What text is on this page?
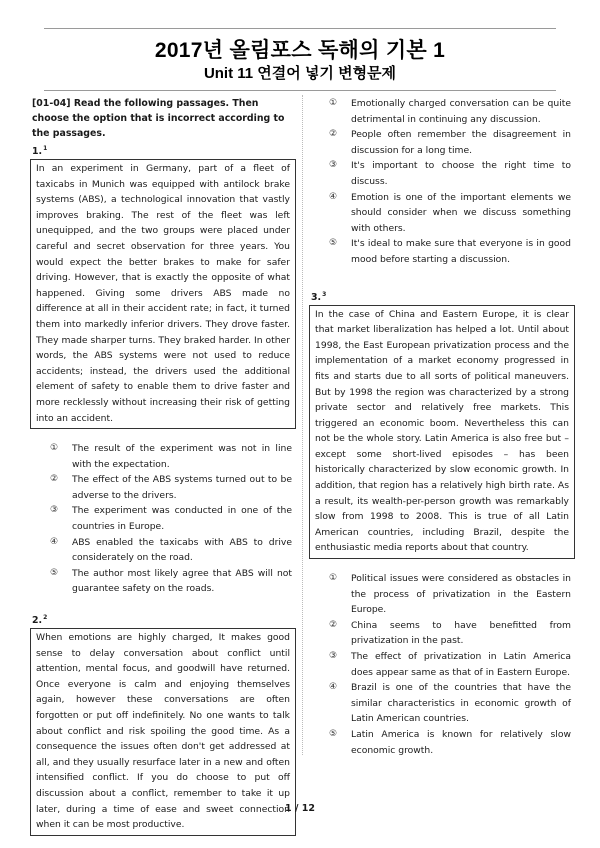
2017년 올림포스 독해의 기본 1
Unit 11 연결어 넣기 변형문제
[01-04] Read the following passages. Then choose the option that is incorrect according to the passages.
1.$^1$
In an experiment in Germany, part of a fleet of taxicabs in Munich was equipped with antilock brake systems (ABS), a technological innovation that vastly improves braking. The rest of the fleet was left unequipped, and the two groups were placed under careful and secret observation for three years. You would expect the better brakes to make for safer driving. However, that is exactly the opposite of what happened. Giving some drivers ABS made no difference at all in their accident rate; in fact, it turned them into markedly inferior drivers. They drove faster. They made sharper turns. They braked harder. In other words, the ABS systems were not used to reduce accidents; instead, the drivers used the additional element of safety to enable them to drive faster and more recklessly without increasing their risk of getting into an accident.
① The result of the experiment was not in line with the expectation.
② The effect of the ABS systems turned out to be adverse to the drivers.
③ The experiment was conducted in one of the countries in Europe.
④ ABS enabled the taxicabs with ABS to drive considerately on the road.
⑤ The author most likely agree that ABS will not guarantee safety on the roads.
2.$^2$
When emotions are highly charged, It makes good sense to delay conversation about conflict until attention, mental focus, and goodwill have returned. Once everyone is calm and enjoying themselves again, however these conversations are often forgotten or put off indefinitely. No one wants to talk about conflict and risk spoiling the good time. As a consequence the issues often don't get addressed at all, and they usually resurface later in a new and often intensified conflict. If you do choose to put off discussion about a conflict, remember to take it up later, during a time of ease and sweet connection when it can be most productive.
① Emotionally charged conversation can be quite detrimental in continuing any discussion.
② People often remember the disagreement in discussion for a long time.
③ It's important to choose the right time to discuss.
④ Emotion is one of the important elements we should consider when we discuss something with others.
⑤ It's ideal to make sure that everyone is in good mood before starting a discussion.
3.$^3$
In the case of China and Eastern Europe, it is clear that market liberalization has helped a lot. Until about 1998, the East European privatization process and the implementation of a market economy progressed in fits and starts due to all sorts of political maneuvers. But by 1998 the region was characterized by a strong private sector and relatively free markets. This triggered an economic boom. Nevertheless this can not be the whole story. Latin America is also free but – except some short-lived episodes – has been historically characterized by slow economic growth. In addition, that region has a relatively high birth rate. As a result, its wealth-per-person growth was remarkably slow from 1998 to 2008. This is true of all Latin American countries, including Brazil, despite the enthusiastic media reports about that country.
① Political issues were considered as obstacles in the process of privatization in the Eastern Europe.
② China seems to have benefitted from privatization in the past.
③ The effect of privatization in Latin America does appear same as that of in Eastern Europe.
④ Brazil is one of the countries that have the similar characteristics in economic growth of Latin American countries.
⑤ Latin America is known for relatively slow economic growth.
1 / 12
